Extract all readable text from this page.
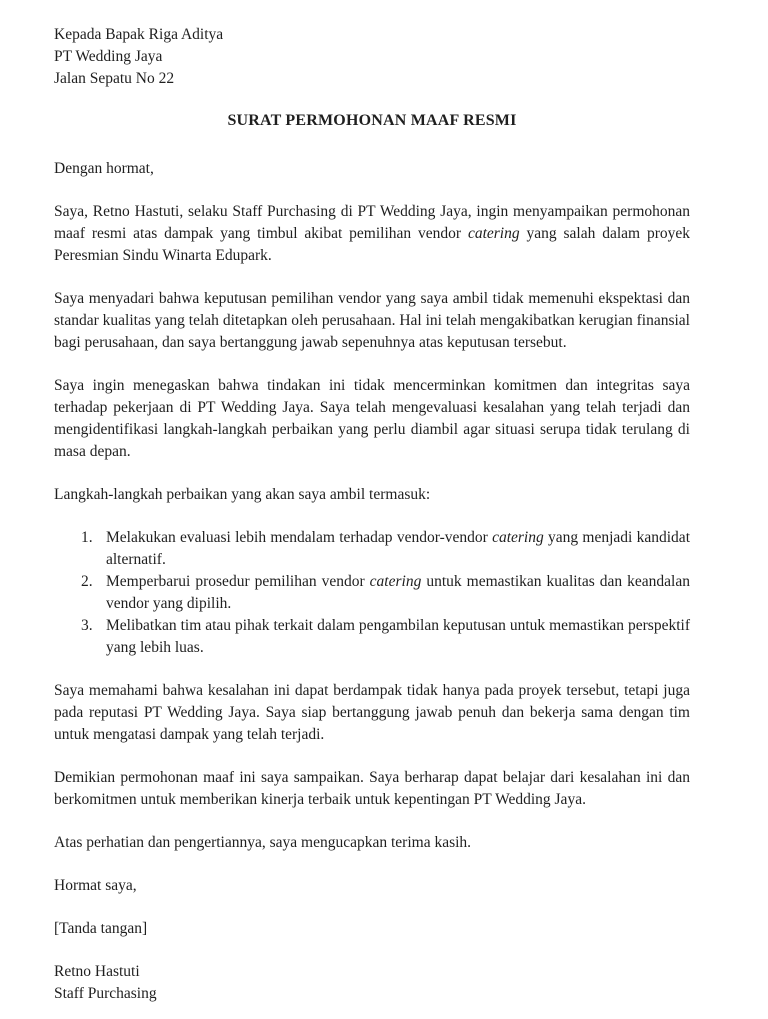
Kepada Bapak Riga Aditya

PT Wedding Jaya

Jalan Sepatu No 22

SURAT PERMOHONAN MAAF RESMI

Dengan hormat,

Saya, Retno Hastuti, selaku Staff Purchasing di PT Wedding Jaya, ingin menyampaikan permohonan maaf resmi atas dampak yang timbul akibat pemilihan vendor catering yang salah dalam proyek Peresmian Sindu Winarta Edupark.

Saya menyadari bahwa keputusan pemilihan vendor yang saya ambil tidak memenuhi ekspektasi dan standar kualitas yang telah ditetapkan oleh perusahaan. Hal ini telah mengakibatkan kerugian finansial bagi perusahaan, dan saya bertanggung jawab sepenuhnya atas keputusan tersebut.

Saya ingin menegaskan bahwa tindakan ini tidak mencerminkan komitmen dan integritas saya terhadap pekerjaan di PT Wedding Jaya. Saya telah mengevaluasi kesalahan yang telah terjadi dan mengidentifikasi langkah-langkah perbaikan yang perlu diambil agar situasi serupa tidak terulang di masa depan.

Langkah-langkah perbaikan yang akan saya ambil termasuk:

1. Melakukan evaluasi lebih mendalam terhadap vendor-vendor catering yang menjadi kandidat alternatif.
2. Memperbarui prosedur pemilihan vendor catering untuk memastikan kualitas dan keandalan vendor yang dipilih.
3. Melibatkan tim atau pihak terkait dalam pengambilan keputusan untuk memastikan perspektif yang lebih luas.

Saya memahami bahwa kesalahan ini dapat berdampak tidak hanya pada proyek tersebut, tetapi juga pada reputasi PT Wedding Jaya. Saya siap bertanggung jawab penuh dan bekerja sama dengan tim untuk mengatasi dampak yang telah terjadi.

Demikian permohonan maaf ini saya sampaikan. Saya berharap dapat belajar dari kesalahan ini dan berkomitmen untuk memberikan kinerja terbaik untuk kepentingan PT Wedding Jaya.

Atas perhatian dan pengertiannya, saya mengucapkan terima kasih.

Hormat saya,

[Tanda tangan]

Retno Hastuti

Staff Purchasing
